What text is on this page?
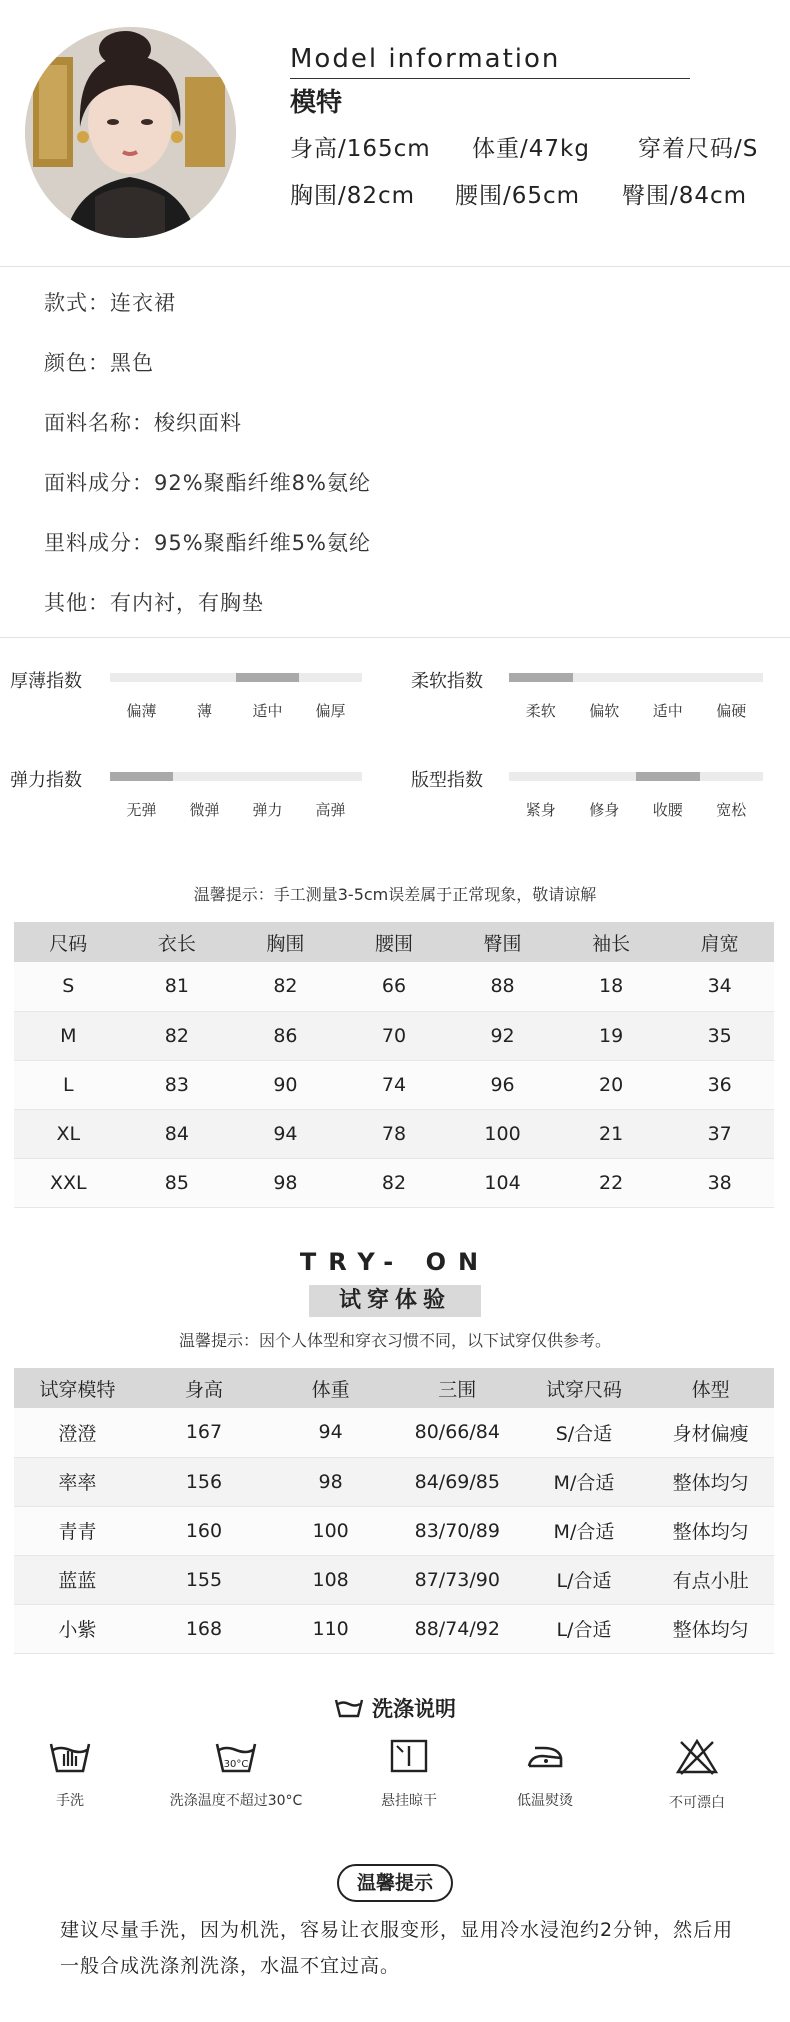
Model information
模特
身高/165cm 体重/47kg 穿着尺码/S
胸围/82cm 腰围/65cm 臀围/84cm
款式：连衣裙
颜色：黑色
面料名称：梭织面料
面料成分：92%聚酯纤维8%氨纶
里料成分：95%聚酯纤维5%氨纶
其他：有内衬，有胸垫
厚薄指数
偏薄	薄	适中 偏厚
柔软指数
柔软 偏软 适中 偏硬
弹力指数
无弹 微弹 弹力 高弹
版型指数
紧身 修身 收腰 宽松
温馨提示：手工测量3-5cm误差属于正常现象，敬请谅解
尺码	衣长	胸围	腰围	臀围	袖长	肩宽
S	81	82	66	88	18	34
M	82	86	70	92	19	35
L	83	90	74	96	20	36
XL	84	94	78	100	21	37
XXL	85	98	82	104	22	38
TRY- ON
试穿体验
温馨提示：因个人体型和穿衣习惯不同，以下试穿仅供参考。
试穿模特	身高	体重	三围	试穿尺码	体型
澄澄	167	94	80/66/84	S/合适	身材偏瘦
率率	156	98	84/69/85	M/合适	整体均匀
青青	160	100	83/70/89	M/合适	整体均匀
蓝蓝	155	108	87/73/90	L/合适	有点小肚
小紫	168	110	88/74/92	L/合适	整体均匀
洗涤说明
手洗
30°C
洗涤温度不超过30°C	悬挂晾干	低温熨烫	不可漂白
温馨提示
建议尽量手洗，因为机洗，容易让衣服变形，显用冷水浸泡约2分钟，然后用一般合成洗涤剂洗涤，水温不宜过高。
